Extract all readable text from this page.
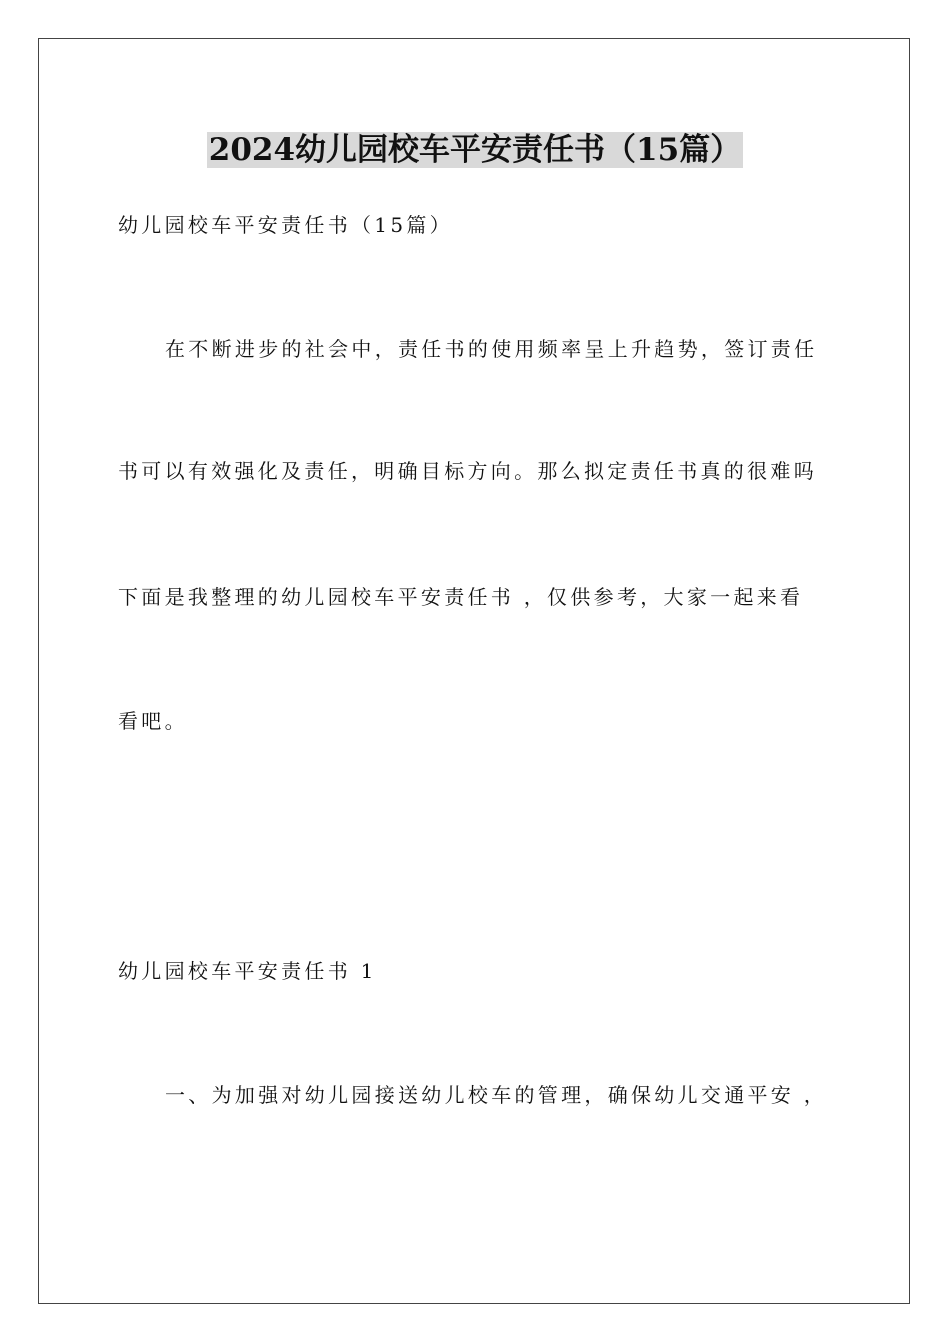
2024幼儿园校车平安责任书（15篇）

幼儿园校车平安责任书（15篇）

在不断进步的社会中，责任书的使用频率呈上升趋势，签订责任

书可以有效强化及责任，明确目标方向。那么拟定责任书真的很难吗

下面是我整理的幼儿园校车平安责任书 ，仅供参考，大家一起来看

看吧。

幼儿园校车平安责任书 1

一、为加强对幼儿园接送幼儿校车的管理，确保幼儿交通平安 ，
